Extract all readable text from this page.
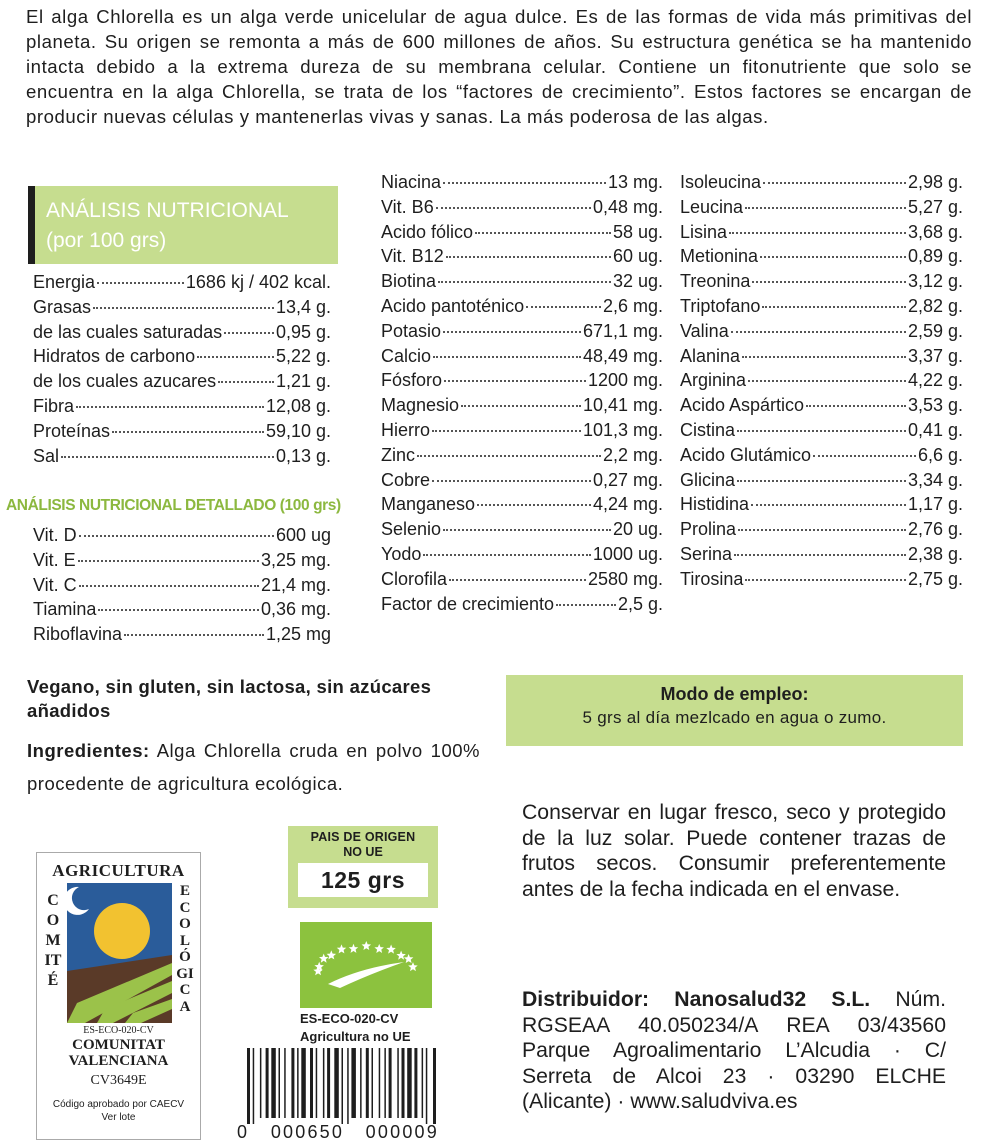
El alga Chlorella es un alga verde unicelular de agua dulce. Es de las formas de vida más primitivas del planeta. Su origen se remonta a más de 600 millones de años. Su estructura genética se ha mantenido intacta debido a la extrema dureza de su membrana celular. Contiene un fitonutriente que solo se encuentra en la alga Chlorella, se trata de los “factores de crecimiento”. Estos factores se encargan de producir nuevas células y mantenerlas vivas y sanas. La más poderosa de las algas.

ANÁLISIS NUTRICIONAL
(por 100 grs)
Energia	1686 kj / 402 kcal.
Grasas	13,4 g.
de las cuales saturadas	0,95 g.
Hidratos de carbono	5,22 g.
de los cuales azucares	1,21 g.
Fibra	12,08 g.
Proteínas	59,10 g.
Sal	0,13 g.
ANÁLISIS NUTRICIONAL DETALLADO (100 grs)
Vit. D	600 ug
Vit. E	3,25 mg.
Vit. C	21,4 mg.
Tiamina	0,36 mg.
Riboflavina	1,25 mg
Niacina	13 mg.
Vit. B6	0,48 mg.
Acido fólico	58 ug.
Vit. B12	60 ug.
Biotina	32 ug.
Acido pantoténico	2,6 mg.
Potasio	671,1 mg.
Calcio	48,49 mg.
Fósforo	1200 mg.
Magnesio	10,41 mg.
Hierro	101,3 mg.
Zinc	2,2 mg.
Cobre	0,27 mg.
Manganeso	4,24 mg.
Selenio	20 ug.
Yodo	1000 ug.
Clorofila	2580 mg.
Factor de crecimiento	2,5 g.
Isoleucina	2,98 g.
Leucina	5,27 g.
Lisina	3,68 g.
Metionina	0,89 g.
Treonina	3,12 g.
Triptofano	2,82 g.
Valina	2,59 g.
Alanina	3,37 g.
Arginina	4,22 g.
Acido Aspártico	3,53 g.
Cistina	0,41 g.
Acido Glutámico	6,6 g.
Glicina	3,34 g.
Histidina	1,17 g.
Prolina	2,76 g.
Serina	2,38 g.
Tirosina	2,75 g.
Vegano, sin gluten, sin lactosa, sin azúcares añadidos
Ingredientes: Alga Chlorella cruda en polvo 100% procedente de agricultura ecológica.
Modo de empleo:
5 grs al día mezlcado en agua o zumo.
Conservar en lugar fresco, seco y protegido de la luz solar. Puede contener trazas de frutos secos. Consumir preferentemente antes de la fecha indicada en el envase.
Distribuidor: Nanosalud32 S.L. Núm. RGSEAA 40.050234/A REA 03/43560 Parque Agroalimentario L’Alcudia · C/ Serreta de Alcoi 23 · 03290 ELCHE (Alicante) · www.saludviva.es
PAIS DE ORIGEN
NO UE
125 grs
ES-ECO-020-CV
Agricultura no UE
AGRICULTURA
COMITÉ
ECOLÓGICA
ES-ECO-020-CV
COMUNITAT
VALENCIANA
CV3649E
Código aprobado por CAECV
Ver lote
0   000650   000009
